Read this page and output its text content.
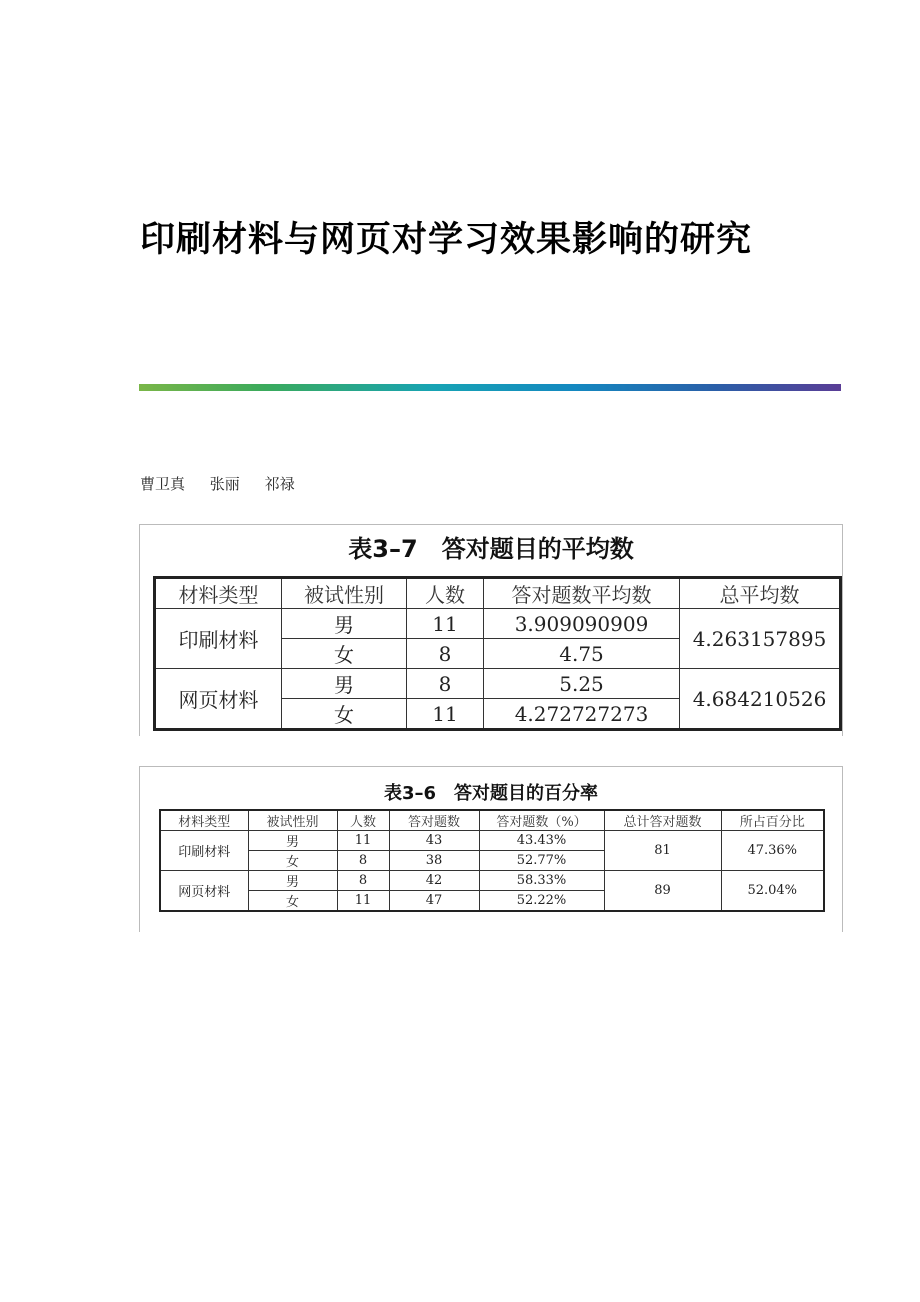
印刷材料与网页对学习效果影响的研究
曹卫真 张丽 祁禄
表3–7　答对题目的平均数
材料类型	被试性别	人数	答对题数平均数	总平均数
印刷材料	男	11	3.909090909	4.263157895
	女	8	4.75	
网页材料	男	8	5.25	4.684210526
	女	11	4.272727273	
表3–6　答对题目的百分率
材料类型	被试性别	人数	答对题数	答对题数（%）	总计答对题数	所占百分比
印刷材料	男	11	43	43.43%	81	47.36%
	女	8	38	52.77%		
网页材料	男	8	42	58.33%	89	52.04%
	女	11	47	52.22%		
